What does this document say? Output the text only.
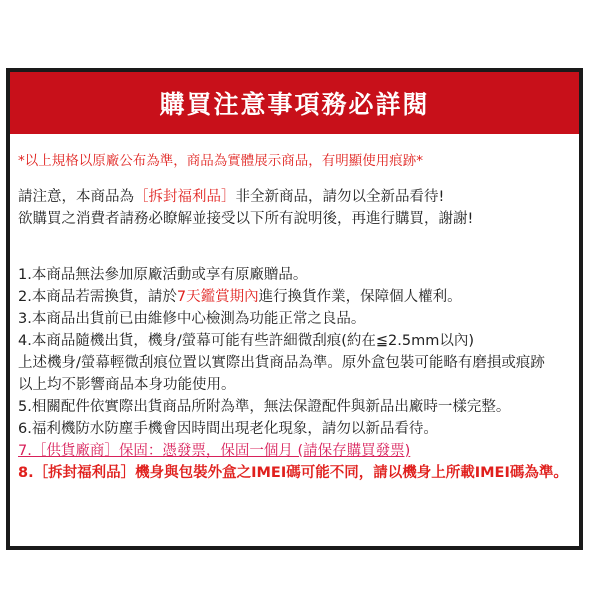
購買注意事項務必詳閱
*以上規格以原廠公布為準，商品為實體展示商品，有明顯使用痕跡*
請注意，本商品為［拆封福利品］非全新商品，請勿以全新品看待!
欲購買之消費者請務必瞭解並接受以下所有說明後，再進行購買，謝謝!
1.本商品無法參加原廠活動或享有原廠贈品。
2.本商品若需換貨，請於7天鑑賞期內進行換貨作業，保障個人權利。
3.本商品出貨前已由維修中心檢測為功能正常之良品。
4.本商品隨機出貨，機身/螢幕可能有些許細微刮痕(約在≦2.5mm以內)
上述機身/螢幕輕微刮痕位置以實際出貨商品為準。原外盒包裝可能略有磨損或痕跡
以上均不影響商品本身功能使用。
5.相關配件依實際出貨商品所附為準，無法保證配件與新品出廠時一樣完整。
6.福利機防水防塵手機會因時間出現老化現象，請勿以新品看待。
7.［供貨廠商］保固：憑發票，保固一個月 (請保存購買發票)
8.［拆封福利品］機身與包裝外盒之IMEI碼可能不同，請以機身上所載IMEI碼為準。
